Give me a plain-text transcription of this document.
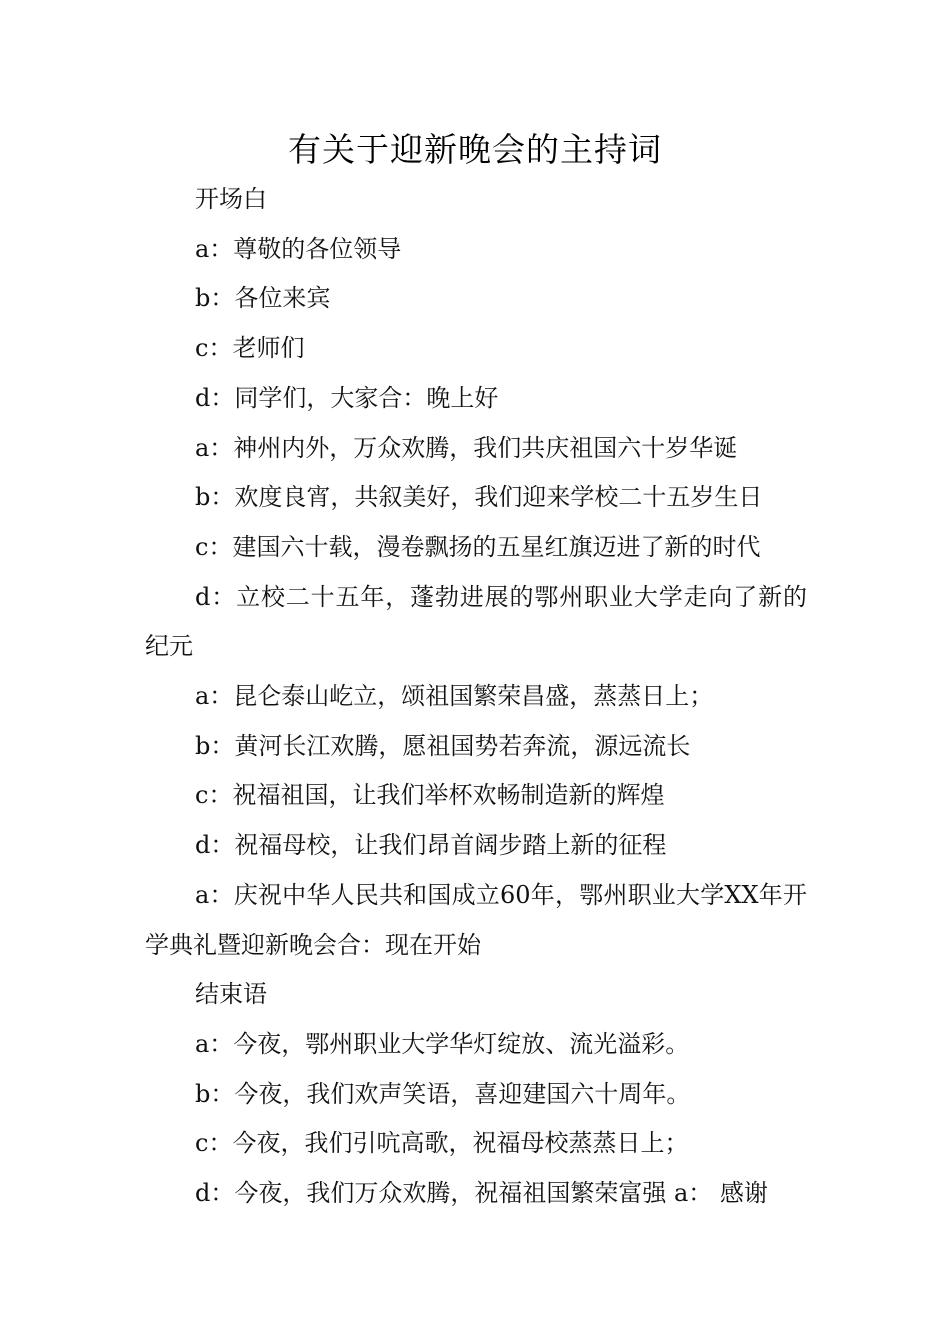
有关于迎新晚会的主持词

开场白

a：尊敬的各位领导

b：各位来宾

c：老师们

d：同学们，大家合：晚上好

a：神州内外，万众欢腾，我们共庆祖国六十岁华诞

b：欢度良宵，共叙美好，我们迎来学校二十五岁生日

c：建国六十载，漫卷飘扬的五星红旗迈进了新的时代

d：立校二十五年，蓬勃进展的鄂州职业大学走向了新的纪元

a：昆仑泰山屹立，颂祖国繁荣昌盛，蒸蒸日上；

b：黄河长江欢腾，愿祖国势若奔流，源远流长

c：祝福祖国，让我们举杯欢畅制造新的辉煌

d：祝福母校，让我们昂首阔步踏上新的征程

a：庆祝中华人民共和国成立60年，鄂州职业大学XX年开学典礼暨迎新晚会合：现在开始

结束语

a：今夜，鄂州职业大学华灯绽放、流光溢彩。

b：今夜，我们欢声笑语，喜迎建国六十周年。

c：今夜，我们引吭高歌，祝福母校蒸蒸日上；

d：今夜，我们万众欢腾，祝福祖国繁荣富强 a： 感谢
